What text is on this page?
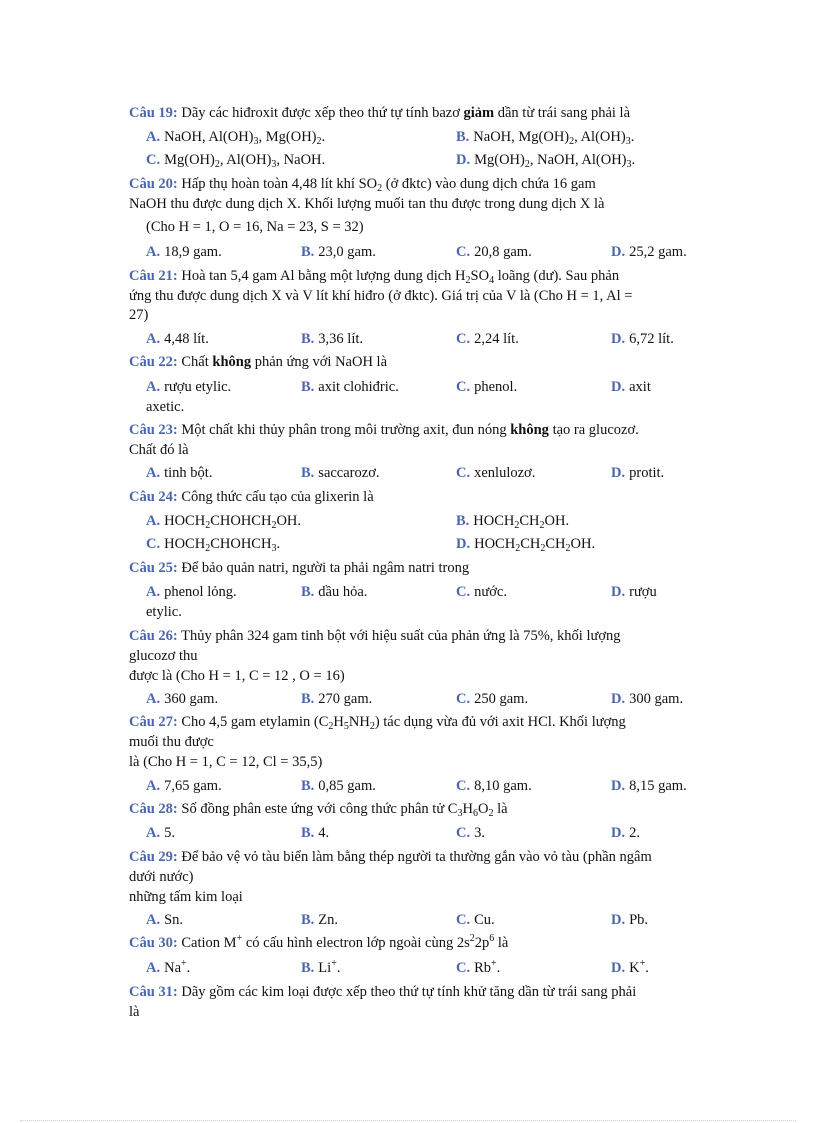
Câu 19: Dãy các hiđroxit được xếp theo thứ tự tính bazơ giảm dần từ trái sang phải là
A. NaOH, $Al(OH)_3$, $Mg(OH)_2$.	B. NaOH, $Mg(OH)_2$, $Al(OH)_3$.
C. $Mg(OH)_2$, $Al(OH)_3$, NaOH.	D. $Mg(OH)_2$, NaOH, $Al(OH)_3$.
Câu 20: Hấp thụ hoàn toàn 4,48 lít khí $SO_2$ (ở đktc) vào dung dịch chứa 16 gam
NaOH thu được dung dịch X. Khối lượng muối tan thu được trong dung dịch X là
(Cho H = 1, O = 16, Na = 23, S = 32)
A. 18,9 gam.	B. 23,0 gam.	C. 20,8 gam.	D. 25,2 gam.
Câu 21: Hoà tan 5,4 gam Al bằng một lượng dung dịch $H_2SO_4$ loãng (dư). Sau phản
ứng thu được dung dịch X và V lít khí hiđro (ở đktc). Giá trị của V là (Cho H = 1, Al =
27)
A. 4,48 lít.	B. 3,36 lít.	C. 2,24 lít.	D. 6,72 lít.
Câu 22: Chất không phản ứng với NaOH là
A. rượu etylic.	B. axit clohiđric.	C. phenol.	D. axit
axetic.
Câu 23: Một chất khi thủy phân trong môi trường axit, đun nóng không tạo ra glucozơ.
Chất đó là
A. tinh bột.	B. saccarozơ.	C. xenlulozơ.	D. protit.
Câu 24: Công thức cấu tạo của glixerin là
A. $HOCH_2CHOHCH_2OH$.	B. $HOCH_2CH_2OH$.
C. $HOCH_2CHOHCH_3$.	D. $HOCH_2CH_2CH_2OH$.
Câu 25: Để bảo quản natri, người ta phải ngâm natri trong
A. phenol lỏng.	B. dầu hỏa.	C. nước.	D. rượu
etylic.
Câu 26: Thủy phân 324 gam tinh bột với hiệu suất của phản ứng là 75%, khối lượng
glucozơ thu
được là (Cho H = 1, C = 12 , O = 16)
A. 360 gam.	B. 270 gam.	C. 250 gam.	D. 300 gam.
Câu 27: Cho 4,5 gam etylamin $(C_2H_5NH_2)$ tác dụng vừa đủ với axit HCl. Khối lượng
muối thu được
là (Cho H = 1, C = 12, Cl = 35,5)
A. 7,65 gam.	B. 0,85 gam.	C. 8,10 gam.	D. 8,15 gam.
Câu 28: Số đồng phân este ứng với công thức phân tử $C_3H_6O_2$ là
A. 5.	B. 4.	C. 3.	D. 2.
Câu 29: Để bảo vệ vỏ tàu biển làm bằng thép người ta thường gắn vào vỏ tàu (phần ngâm
dưới nước)
những tấm kim loại
A. Sn.	B. Zn.	C. Cu.	D. Pb.
Câu 30: Cation M+ có cấu hình electron lớp ngoài cùng $2s^22p^6$ là
A. Na+.	B. Li+.	C. Rb+.	D. K+.
Câu 31: Dãy gồm các kim loại được xếp theo thứ tự tính khử tăng dần từ trái sang phải
là
